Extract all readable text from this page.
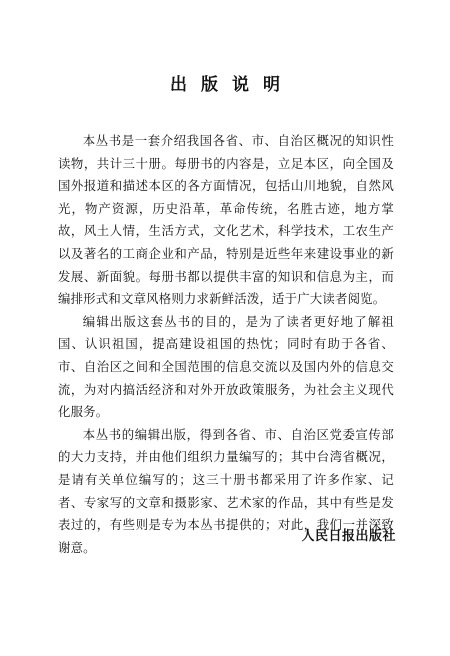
出版说明

本丛书是一套介绍我国各省、市、自治区概况的知识性读物，共计三十册。每册书的内容是，立足本区，向全国及国外报道和描述本区的各方面情况，包括山川地貌，自然风光，物产资源，历史沿革，革命传统，名胜古迹，地方掌故，风土人情，生活方式，文化艺术，科学技术，工农生产以及著名的工商企业和产品，特别是近些年来建设事业的新发展、新面貌。每册书都以提供丰富的知识和信息为主，而编排形式和文章风格则力求新鲜活泼，适于广大读者阅览。

编辑出版这套丛书的目的，是为了读者更好地了解祖国、认识祖国，提高建设祖国的热忱；同时有助于各省、市、自治区之间和全国范围的信息交流以及国内外的信息交流，为对内搞活经济和对外开放政策服务，为社会主义现代化服务。

本丛书的编辑出版，得到各省、市、自治区党委宣传部的大力支持，并由他们组织力量编写的；其中台湾省概况，是请有关单位编写的；这三十册书都采用了许多作家、记者、专家写的文章和摄影家、艺术家的作品，其中有些是发表过的，有些则是专为本丛书提供的；对此，我们一并深致谢意。

人民日报出版社
